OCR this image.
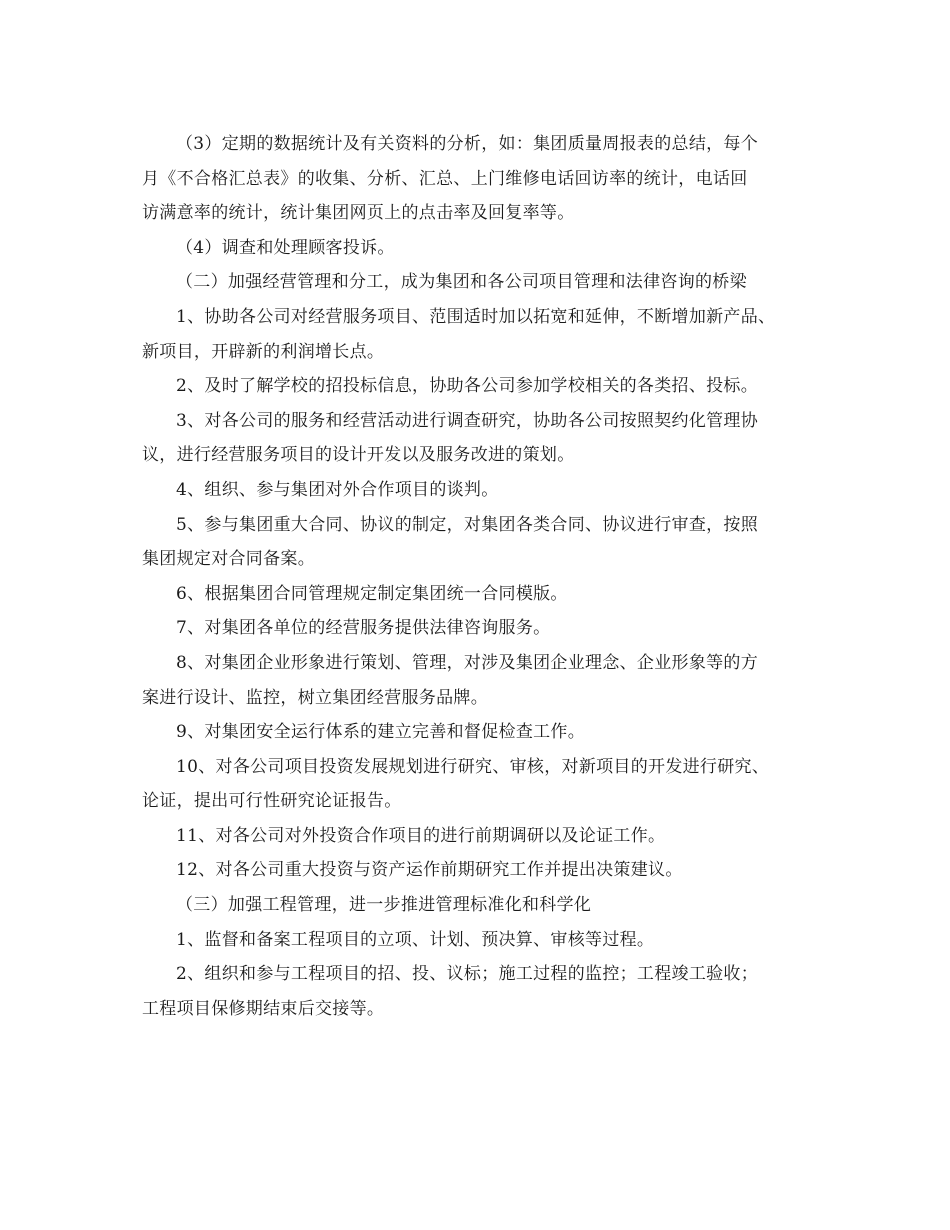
（3）定期的数据统计及有关资料的分析，如：集团质量周报表的总结，每个
月《不合格汇总表》的收集、分析、汇总、上门维修电话回访率的统计，电话回
访满意率的统计，统计集团网页上的点击率及回复率等。

（4）调查和处理顾客投诉。

（二）加强经营管理和分工，成为集团和各公司项目管理和法律咨询的桥梁

1、协助各公司对经营服务项目、范围适时加以拓宽和延伸，不断增加新产品、
新项目，开辟新的利润增长点。

2、及时了解学校的招投标信息，协助各公司参加学校相关的各类招、投标。

3、对各公司的服务和经营活动进行调查研究，协助各公司按照契约化管理协
议，进行经营服务项目的设计开发以及服务改进的策划。

4、组织、参与集团对外合作项目的谈判。

5、参与集团重大合同、协议的制定，对集团各类合同、协议进行审查，按照
集团规定对合同备案。

6、根据集团合同管理规定制定集团统一合同模版。

7、对集团各单位的经营服务提供法律咨询服务。

8、对集团企业形象进行策划、管理，对涉及集团企业理念、企业形象等的方
案进行设计、监控，树立集团经营服务品牌。

9、对集团安全运行体系的建立完善和督促检查工作。

10、对各公司项目投资发展规划进行研究、审核，对新项目的开发进行研究、
论证，提出可行性研究论证报告。

11、对各公司对外投资合作项目的进行前期调研以及论证工作。

12、对各公司重大投资与资产运作前期研究工作并提出决策建议。

（三）加强工程管理，进一步推进管理标准化和科学化

1、监督和备案工程项目的立项、计划、预决算、审核等过程。

2、组织和参与工程项目的招、投、议标；施工过程的监控；工程竣工验收；
工程项目保修期结束后交接等。
